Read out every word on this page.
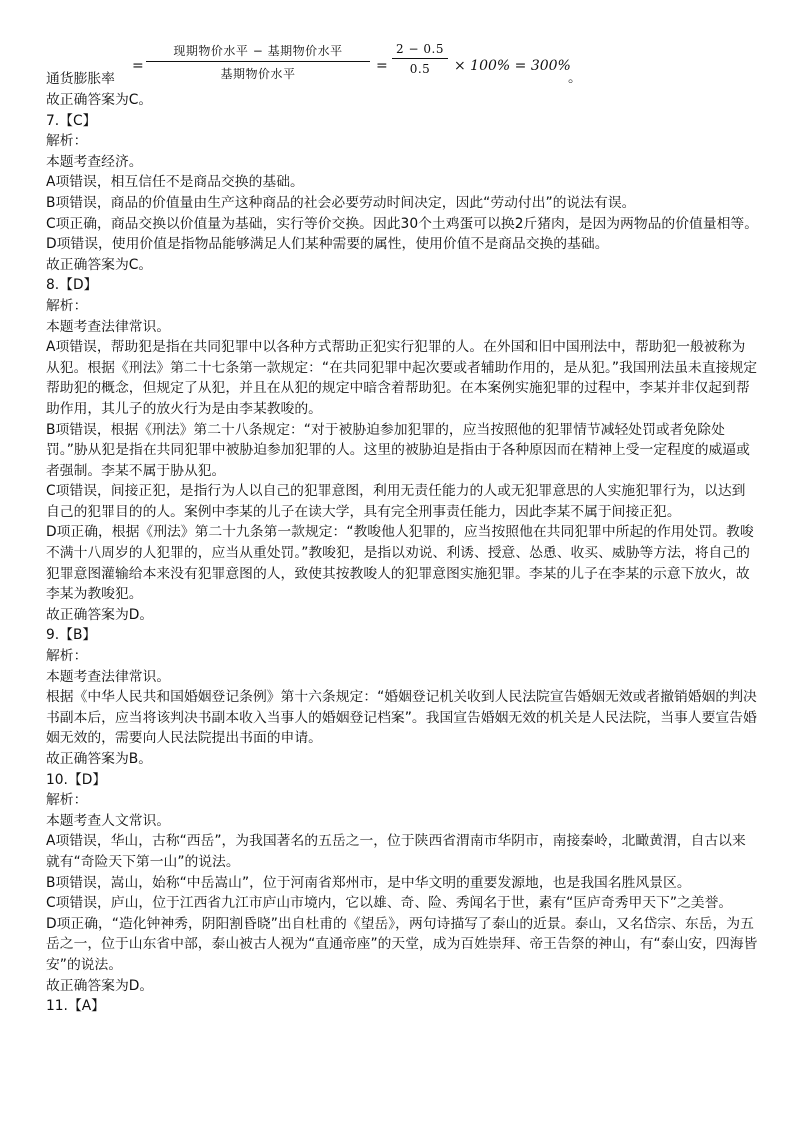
通货膨胀率
=
现期物价水平 − 基期物价水平
基期物价水平	= $\frac{2 - 0.5}{0.5} \times 100\% = 300\%$
。

故正确答案为C。

7.【C】

解析：

本题考查经济。

A项错误，相互信任不是商品交换的基础。

B项错误，商品的价值量由生产这种商品的社会必要劳动时间决定，因此“劳动付出”的说法有误。

C项正确，商品交换以价值量为基础，实行等价交换。因此30个土鸡蛋可以换2斤猪肉，是因为两物品的价值量相等。

D项错误，使用价值是指物品能够满足人们某种需要的属性，使用价值不是商品交换的基础。

故正确答案为C。

8.【D】

解析：

本题考查法律常识。

A项错误，帮助犯是指在共同犯罪中以各种方式帮助正犯实行犯罪的人。在外国和旧中国刑法中，帮助犯一般被称为从犯。根据《刑法》第二十七条第一款规定：“在共同犯罪中起次要或者辅助作用的，是从犯。”我国刑法虽未直接规定帮助犯的概念，但规定了从犯，并且在从犯的规定中暗含着帮助犯。在本案例实施犯罪的过程中，李某并非仅起到帮助作用，其儿子的放火行为是由李某教唆的。

B项错误，根据《刑法》第二十八条规定：“对于被胁迫参加犯罪的，应当按照他的犯罪情节减轻处罚或者免除处罚。”胁从犯是指在共同犯罪中被胁迫参加犯罪的人。这里的被胁迫是指由于各种原因而在精神上受一定程度的威逼或者强制。李某不属于胁从犯。

C项错误，间接正犯，是指行为人以自己的犯罪意图，利用无责任能力的人或无犯罪意思的人实施犯罪行为，以达到自己的犯罪目的的人。案例中李某的儿子在读大学，具有完全刑事责任能力，因此李某不属于间接正犯。

D项正确，根据《刑法》第二十九条第一款规定：“教唆他人犯罪的，应当按照他在共同犯罪中所起的作用处罚。教唆不满十八周岁的人犯罪的，应当从重处罚。”教唆犯，是指以劝说、利诱、授意、怂恿、收买、威胁等方法，将自己的犯罪意图灌输给本来没有犯罪意图的人，致使其按教唆人的犯罪意图实施犯罪。李某的儿子在李某的示意下放火，故李某为教唆犯。

故正确答案为D。

9.【B】

解析：

本题考查法律常识。

根据《中华人民共和国婚姻登记条例》第十六条规定：“婚姻登记机关收到人民法院宣告婚姻无效或者撤销婚姻的判决书副本后，应当将该判决书副本收入当事人的婚姻登记档案”。我国宣告婚姻无效的机关是人民法院，当事人要宣告婚姻无效的，需要向人民法院提出书面的申请。

故正确答案为B。

10.【D】

解析：

本题考查人文常识。

A项错误，华山，古称“西岳”，为我国著名的五岳之一，位于陕西省渭南市华阴市，南接秦岭，北瞰黄渭，自古以来就有“奇险天下第一山”的说法。

B项错误，嵩山，始称“中岳嵩山”，位于河南省郑州市，是中华文明的重要发源地，也是我国名胜风景区。

C项错误，庐山，位于江西省九江市庐山市境内，它以雄、奇、险、秀闻名于世，素有“匡庐奇秀甲天下”之美誉。

D项正确，“造化钟神秀，阴阳割昏晓”出自杜甫的《望岳》，两句诗描写了泰山的近景。泰山，又名岱宗、东岳，为五岳之一，位于山东省中部，泰山被古人视为“直通帝座”的天堂，成为百姓崇拜、帝王告祭的神山，有“泰山安，四海皆安”的说法。

故正确答案为D。

11.【A】
